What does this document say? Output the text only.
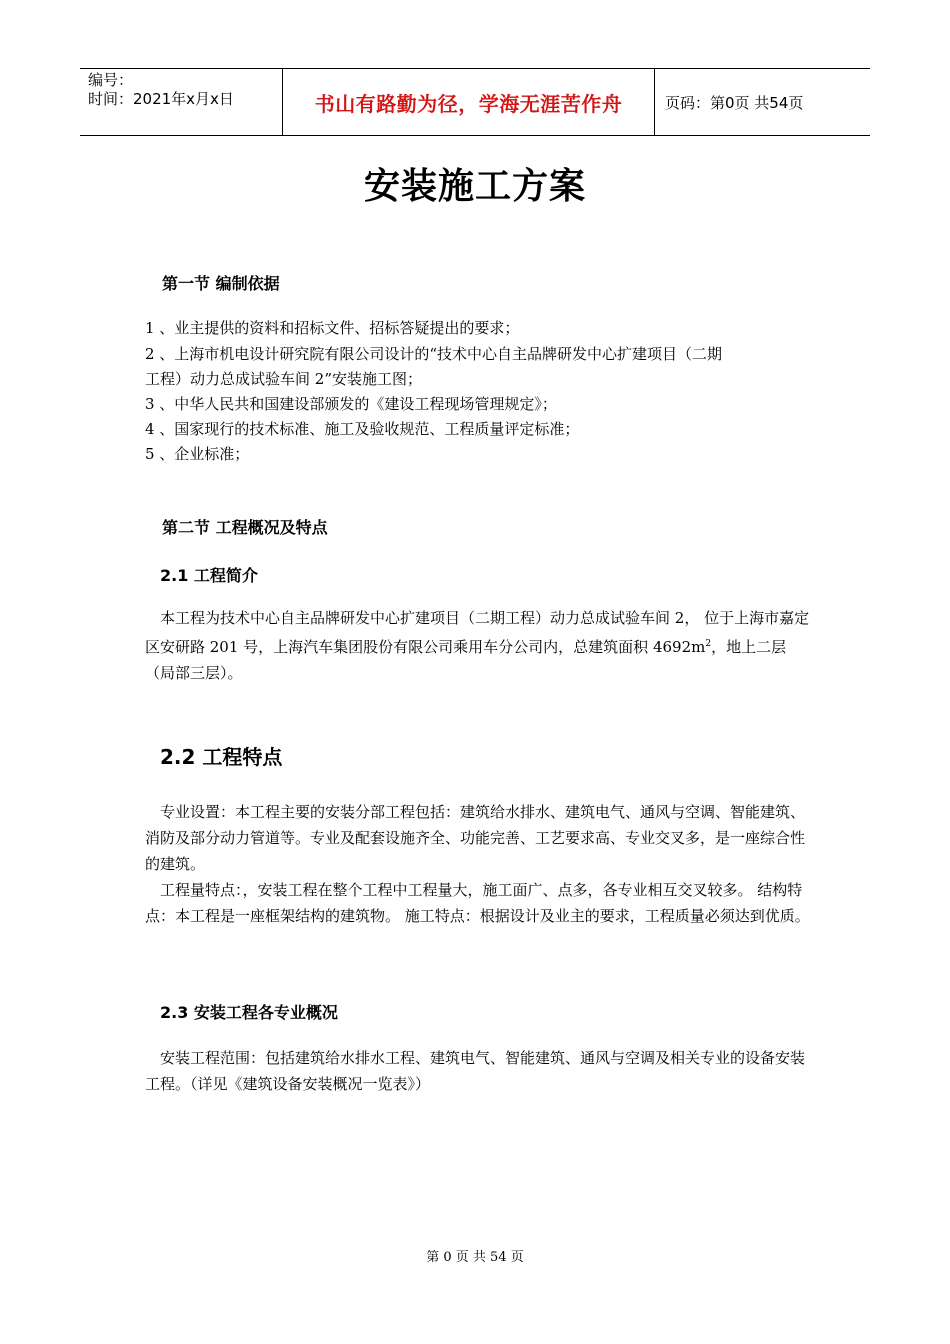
编号：
时间：2021年x月x日	书山有路勤为径，学海无涯苦作舟	页码：第0页 共54页
安装施工方案
第一节 编制依据

1 、业主提供的资料和招标文件、招标答疑提出的要求；

2 、上海市机电设计研究院有限公司设计的“技术中心自主品牌研发中心扩建项目（二期

工程）动力总成试验车间 2”安装施工图；

3 、中华人民共和国建设部颁发的《建设工程现场管理规定》；

4 、国家现行的技术标准、施工及验收规范、工程质量评定标准；

5 、企业标准；

第二节 工程概况及特点
2.1 工程简介

　本工程为技术中心自主品牌研发中心扩建项目（二期工程）动力总成试验车间 2， 位于上海市嘉定区安研路 201 号，上海汽车集团股份有限公司乘用车分公司内，总建筑面积 $4692m^2$，地上二层（局部三层）。

2.2 工程特点

　专业设置：本工程主要的安装分部工程包括：建筑给水排水、建筑电气、通风与空调、智能建筑、消防及部分动力管道等。专业及配套设施齐全、功能完善、工艺要求高、专业交叉多，是一座综合性的建筑。

　工程量特点：，安装工程在整个工程中工程量大，施工面广、点多，各专业相互交叉较多。 结构特点：本工程是一座框架结构的建筑物。 施工特点：根据设计及业主的要求，工程质量必须达到优质。

2.3 安装工程各专业概况

　安装工程范围：包括建筑给水排水工程、建筑电气、智能建筑、通风与空调及相关专业的设备安装工程。（详见《建筑设备安装概况一览表》）

第 0 页 共 54 页
